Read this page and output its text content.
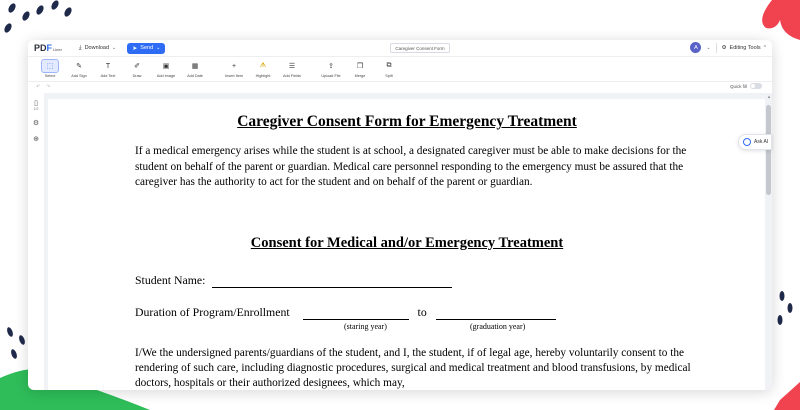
PD F Liner	⤓ Download ⌄	➤ Send ⌄	Caregiver Consent Form	A	⌄ ⚙ Editing Tools ^
⬚
Select
✎
Add Sign
T
Add Text
✐
Draw
▣
Add Image
▦
Add Date
+
Insert Item
ᗑ
Highlight
☰
Add Fields
⇪
Upload File
❐
Merge
⧉
Split
↶ ↷	Quick fill
▯
1/2
⚙
⊕
Caregiver Consent Form for Emergency Treatment
If a medical emergency arises while the student is at school, a designated caregiver must be able to make decisions for the student on behalf of the parent or guardian. Medical care personnel responding to the emergency must be assured that the caregiver has the authority to act for the student and on behalf of the parent or guardian.
Consent for Medical and/or Emergency Treatment
Student Name:
Duration of Program/Enrollment	to
(staring year)	(graduation year)
I/We the undersigned parents/guardians of the student, and I, the student, if of legal age, hereby voluntarily consent to the rendering of such care, including diagnostic procedures, surgical and medical treatment and blood transfusions, by medical doctors, hospitals or their authorized designees, which may,
▲
Ask AI
